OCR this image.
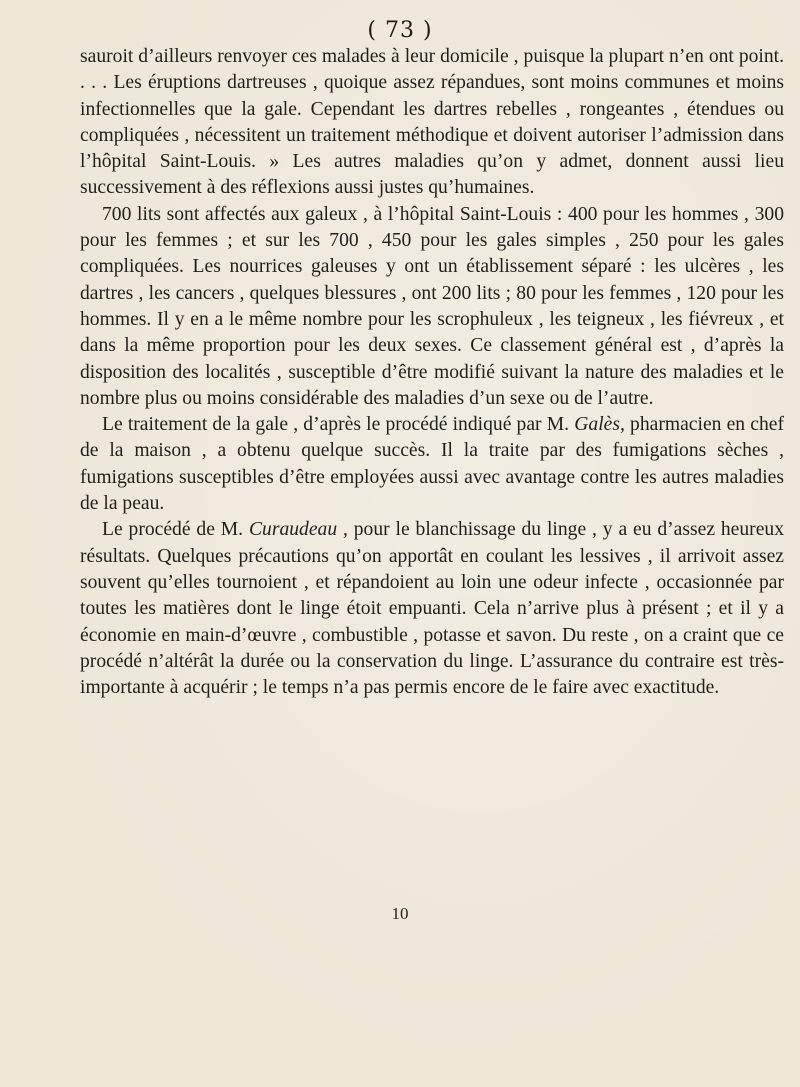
( 73 )

sauroit d’ailleurs renvoyer ces malades à leur domicile , puisque la plupart n’en ont point. . . . Les éruptions dartreuses , quoique assez répandues, sont moins communes et moins infectionnelles que la gale. Cependant les dartres rebelles , rongeantes , étendues ou compliquées , nécessitent un traitement méthodique et doivent autoriser l’admission dans l’hôpital Saint-Louis. » Les autres maladies qu’on y admet, donnent aussi lieu successivement à des réflexions aussi justes qu’humaines.

700 lits sont affectés aux galeux , à l’hôpital Saint-Louis : 400 pour les hommes , 300 pour les femmes ; et sur les 700 , 450 pour les gales simples , 250 pour les gales compliquées. Les nourrices galeuses y ont un établissement séparé : les ulcères , les dartres , les cancers , quelques blessures , ont 200 lits ; 80 pour les femmes , 120 pour les hommes. Il y en a le même nombre pour les scrophuleux , les teigneux , les fiévreux , et dans la même proportion pour les deux sexes. Ce classement général est , d’après la disposition des localités , susceptible d’être modifié suivant la nature des maladies et le nombre plus ou moins considérable des maladies d’un sexe ou de l’autre.

Le traitement de la gale , d’après le procédé indiqué par M. Galès, pharmacien en chef de la maison , a obtenu quelque succès. Il la traite par des fumigations sèches , fumigations susceptibles d’être employées aussi avec avantage contre les autres maladies de la peau.

Le procédé de M. Curaudeau , pour le blanchissage du linge , y a eu d’assez heureux résultats. Quelques précautions qu’on apportât en coulant les lessives , il arrivoit assez souvent qu’elles tournoient , et répandoient au loin une odeur infecte , occasionnée par toutes les matières dont le linge étoit empuanti. Cela n’arrive plus à présent ; et il y a économie en main-d’œuvre , combustible , potasse et savon. Du reste , on a craint que ce procédé n’altérât la durée ou la conservation du linge. L’assurance du contraire est très-importante à acquérir ; le temps n’a pas permis encore de le faire avec exactitude.

10
